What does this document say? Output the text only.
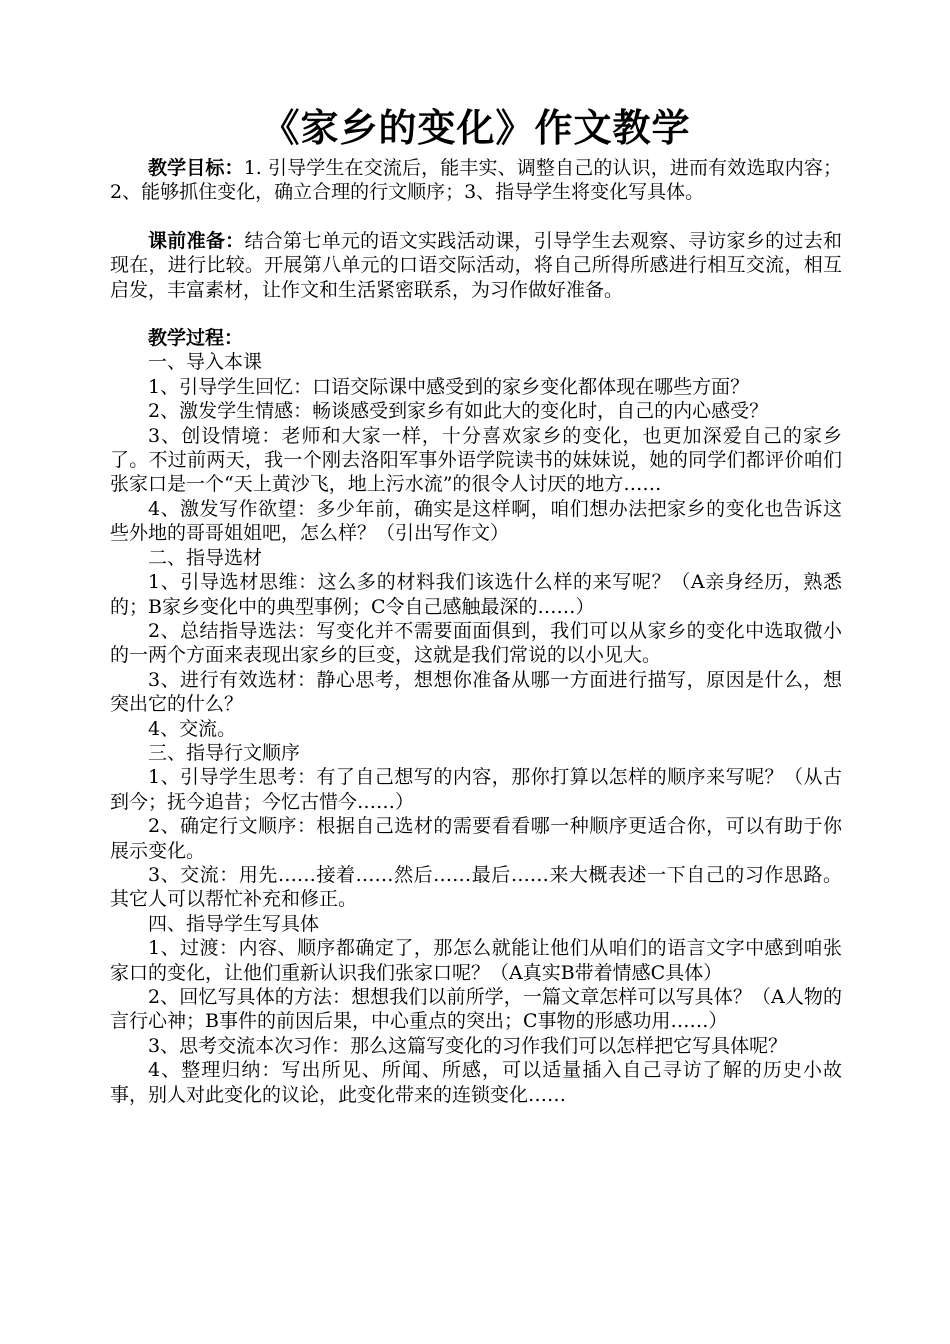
《家乡的变化》作文教学

教学目标：1. 引导学生在交流后，能丰实、调整自己的认识，进而有效选取内容；2、能够抓住变化，确立合理的行文顺序；3、指导学生将变化写具体。

课前准备：结合第七单元的语文实践活动课，引导学生去观察、寻访家乡的过去和现在，进行比较。开展第八单元的口语交际活动，将自己所得所感进行相互交流，相互启发，丰富素材，让作文和生活紧密联系，为习作做好准备。

教学过程：

一、导入本课

1、引导学生回忆：口语交际课中感受到的家乡变化都体现在哪些方面？

2、激发学生情感：畅谈感受到家乡有如此大的变化时，自己的内心感受？

3、创设情境：老师和大家一样，十分喜欢家乡的变化，也更加深爱自己的家乡了。不过前两天，我一个刚去洛阳军事外语学院读书的妹妹说，她的同学们都评价咱们张家口是一个“天上黄沙飞，地上污水流”的很令人讨厌的地方……

4、激发写作欲望：多少年前，确实是这样啊，咱们想办法把家乡的变化也告诉这些外地的哥哥姐姐吧，怎么样？（引出写作文）

二、指导选材

1、引导选材思维：这么多的材料我们该选什么样的来写呢？（A亲身经历，熟悉的；B家乡变化中的典型事例；C令自己感触最深的……）

2、总结指导选法：写变化并不需要面面俱到，我们可以从家乡的变化中选取微小的一两个方面来表现出家乡的巨变，这就是我们常说的以小见大。

3、进行有效选材：静心思考，想想你准备从哪一方面进行描写，原因是什么，想突出它的什么？

4、交流。

三、指导行文顺序

1、引导学生思考：有了自己想写的内容，那你打算以怎样的顺序来写呢？（从古到今；抚今追昔；今忆古惜今……）

2、确定行文顺序：根据自己选材的需要看看哪一种顺序更适合你，可以有助于你展示变化。

3、交流：用先……接着……然后……最后……来大概表述一下自己的习作思路。其它人可以帮忙补充和修正。

四、指导学生写具体

1、过渡：内容、顺序都确定了，那怎么就能让他们从咱们的语言文字中感到咱张家口的变化，让他们重新认识我们张家口呢？（A真实B带着情感C具体）

2、回忆写具体的方法：想想我们以前所学，一篇文章怎样可以写具体？（A人物的言行心神；B事件的前因后果，中心重点的突出；C事物的形感功用……）

3、思考交流本次习作：那么这篇写变化的习作我们可以怎样把它写具体呢？

4、整理归纳：写出所见、所闻、所感，可以适量插入自己寻访了解的历史小故事，别人对此变化的议论，此变化带来的连锁变化……
